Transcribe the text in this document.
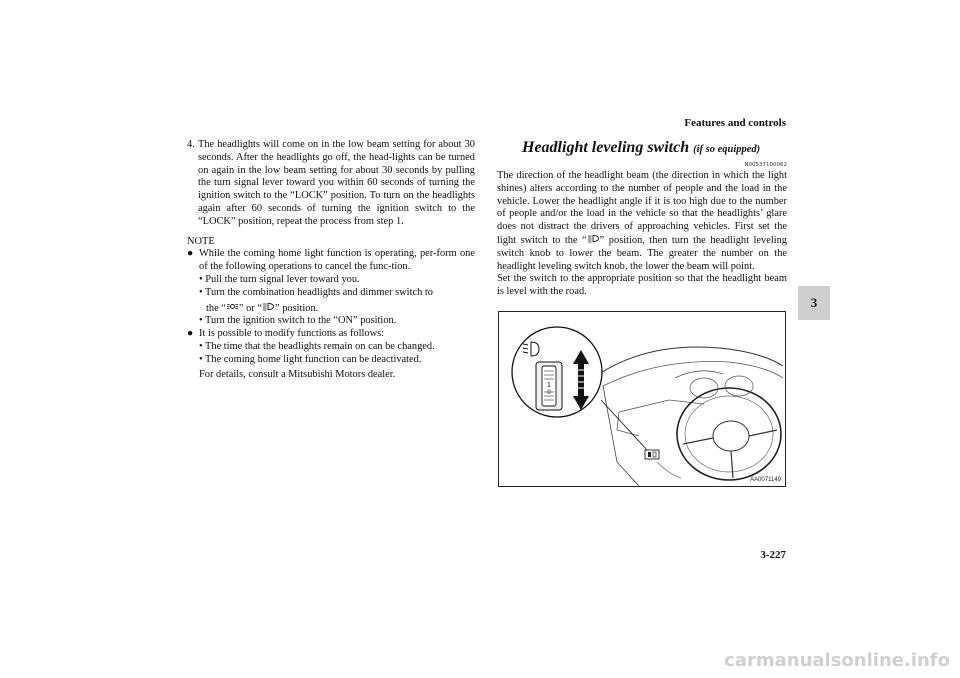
Features and controls
3
4. The headlights will come on in the low beam setting for about 30 seconds. After the headlights go off, the head-lights can be turned on again in the low beam setting for about 30 seconds by pulling the turn signal lever toward you within 60 seconds of turning the ignition switch to the “LOCK” position. To turn on the headlights again after 60 seconds of turning the ignition switch to the “LOCK” position, repeat the process from step 1.
NOTE
● While the coming home light function is operating, per-form one of the following operations to cancel the func-tion.
• Pull the turn signal lever toward you.
• Turn the combination headlights and dimmer switch to
the “ ” or “ ” position.
• Turn the ignition switch to the “ON” position.
● It is possible to modify functions as follows:
• The time that the headlights remain on can be changed.
• The coming home light function can be deactivated.
For details, consult a Mitsubishi Motors dealer.
Headlight leveling switch (if so equipped)
N00537100062
The direction of the headlight beam (the direction in which the light shines) alters according to the number of people and the load in the vehicle. Lower the headlight angle if it is too high due to the number of people and/or the load in the vehicle so that the headlights’ glare does not distract the drivers of approaching vehicles. First set the light switch to the “ ” position, then turn the headlight leveling switch knob to lower the beam. The greater the number on the headlight leveling switch knob, the lower the beam will point.
Set the switch to the appropriate position so that the headlight beam is level with the road.
1
0
AA0071149
3-227
carmanualsonline.info
